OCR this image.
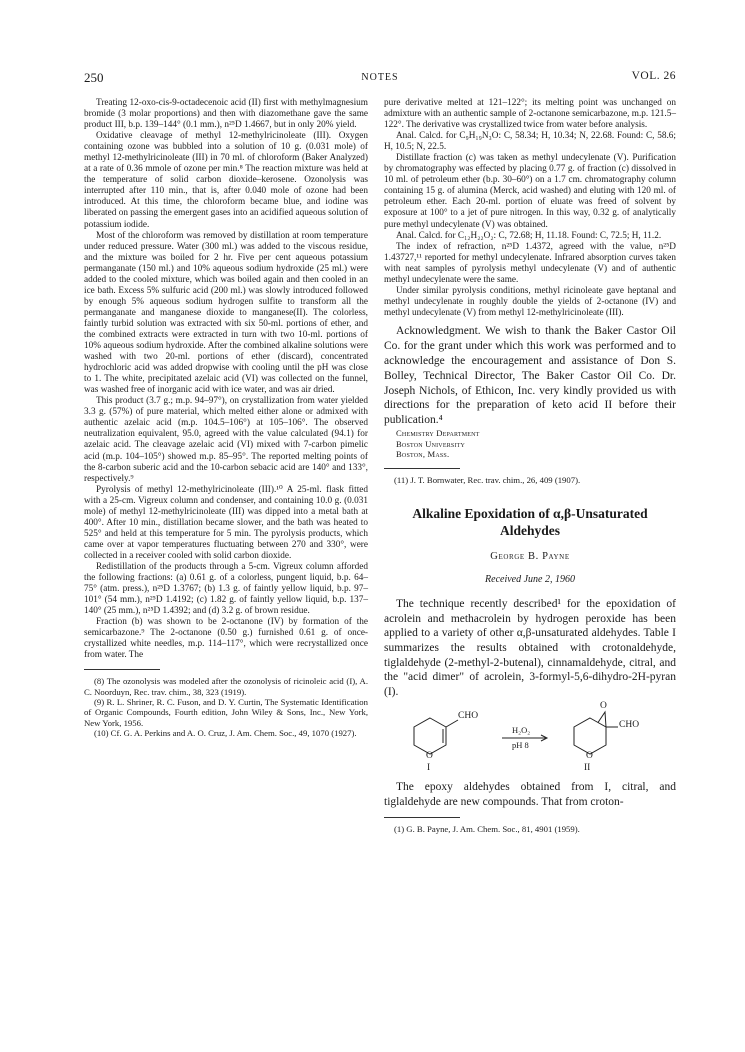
250	NOTES	VOL. 26

Treating 12-oxo-cis-9-octadecenoic acid (II) first with methylmagnesium bromide (3 molar proportions) and then with diazomethane gave the same product III, b.p. 139–144° (0.1 mm.), n²⁵D 1.4667, but in only 20% yield.

Oxidative cleavage of methyl 12-methylricinoleate (III). Oxygen containing ozone was bubbled into a solution of 10 g. (0.031 mole) of methyl 12-methylricinoleate (III) in 70 ml. of chloroform (Baker Analyzed) at a rate of 0.36 mmole of ozone per min.⁸ The reaction mixture was held at the temperature of solid carbon dioxide–kerosene. Ozonolysis was interrupted after 110 min., that is, after 0.040 mole of ozone had been introduced. At this time, the chloroform became blue, and iodine was liberated on passing the emergent gases into an acidified aqueous solution of potassium iodide.

Most of the chloroform was removed by distillation at room temperature under reduced pressure. Water (300 ml.) was added to the viscous residue, and the mixture was boiled for 2 hr. Five per cent aqueous potassium permanganate (150 ml.) and 10% aqueous sodium hydroxide (25 ml.) were added to the cooled mixture, which was boiled again and then cooled in an ice bath. Excess 5% sulfuric acid (200 ml.) was slowly introduced followed by enough 5% aqueous sodium hydrogen sulfite to transform all the permanganate and manganese dioxide to manganese(II). The colorless, faintly turbid solution was extracted with six 50-ml. portions of ether, and the combined extracts were extracted in turn with two 10-ml. portions of 10% aqueous sodium hydroxide. After the combined alkaline solutions were washed with two 20-ml. portions of ether (discard), concentrated hydrochloric acid was added dropwise with cooling until the pH was close to 1. The white, precipitated azelaic acid (VI) was collected on the funnel, was washed free of inorganic acid with ice water, and was air dried.

This product (3.7 g.; m.p. 94–97°), on crystallization from water yielded 3.3 g. (57%) of pure material, which melted either alone or admixed with authentic azelaic acid (m.p. 104.5–106°) at 105–106°. The observed neutralization equivalent, 95.0, agreed with the value calculated (94.1) for azelaic acid. The cleavage azelaic acid (VI) mixed with 7-carbon pimelic acid (m.p. 104–105°) showed m.p. 85–95°. The reported melting points of the 8-carbon suberic acid and the 10-carbon sebacic acid are 140° and 133°, respectively.⁹

Pyrolysis of methyl 12-methylricinoleate (III).¹⁰ A 25-ml. flask fitted with a 25-cm. Vigreux column and condenser, and containing 10.0 g. (0.031 mole) of methyl 12-methylricinoleate (III) was dipped into a metal bath at 400°. After 10 min., distillation became slower, and the bath was heated to 525° and held at this temperature for 5 min. The pyrolysis products, which came over at vapor temperatures fluctuating between 270 and 330°, were collected in a receiver cooled with solid carbon dioxide.

Redistillation of the products through a 5-cm. Vigreux column afforded the following fractions: (a) 0.61 g. of a colorless, pungent liquid, b.p. 64–75° (atm. press.), n²⁵D 1.3767; (b) 1.3 g. of faintly yellow liquid, b.p. 97–101° (54 mm.), n²⁵D 1.4192; (c) 1.82 g. of faintly yellow liquid, b.p. 137–140° (25 mm.), n²⁵D 1.4392; and (d) 3.2 g. of brown residue.

Fraction (b) was shown to be 2-octanone (IV) by formation of the semicarbazone.⁹ The 2-octanone (0.50 g.) furnished 0.61 g. of once-crystallized white needles, m.p. 114–117°, which were recrystallized once from water. The

(8) The ozonolysis was modeled after the ozonolysis of ricinoleic acid (I), A. C. Noorduyn, Rec. trav. chim., 38, 323 (1919).

(9) R. L. Shriner, R. C. Fuson, and D. Y. Curtin, The Systematic Identification of Organic Compounds, Fourth edition, John Wiley & Sons, Inc., New York, New York, 1956.

(10) Cf. G. A. Perkins and A. O. Cruz, J. Am. Chem. Soc., 49, 1070 (1927).

pure derivative melted at 121–122°; its melting point was unchanged on admixture with an authentic sample of 2-octanone semicarbazone, m.p. 121.5–122°. The derivative was crystallized twice from water before analysis.

Anal. Calcd. for C₉H₁₉N₃O: C, 58.34; H, 10.34; N, 22.68. Found: C, 58.6; H, 10.5; N, 22.5.

Distillate fraction (c) was taken as methyl undecylenate (V). Purification by chromatography was effected by placing 0.77 g. of fraction (c) dissolved in 10 ml. of petroleum ether (b.p. 30–60°) on a 1.7 cm. chromatography column containing 15 g. of alumina (Merck, acid washed) and eluting with 120 ml. of petroleum ether. Each 20-ml. portion of eluate was freed of solvent by exposure at 100° to a jet of pure nitrogen. In this way, 0.32 g. of analytically pure methyl undecylenate (V) was obtained.

Anal. Calcd. for C₁₂H₂₂O₂: C, 72.68; H, 11.18. Found: C, 72.5; H, 11.2.

The index of refraction, n²⁵D 1.4372, agreed with the value, n²⁵D 1.43727,¹¹ reported for methyl undecylenate. Infrared absorption curves taken with neat samples of pyrolysis methyl undecylenate (V) and of authentic methyl undecylenate were the same.

Under similar pyrolysis conditions, methyl ricinoleate gave heptanal and methyl undecylenate in roughly double the yields of 2-octanone (IV) and methyl undecylenate (V) from methyl 12-methylricinoleate (III).

Acknowledgment. We wish to thank the Baker Castor Oil Co. for the grant under which this work was performed and to acknowledge the encouragement and assistance of Don S. Bolley, Technical Director, The Baker Castor Oil Co. Dr. Joseph Nichols, of Ethicon, Inc. very kindly provided us with directions for the preparation of keto acid II before their publication.⁴

Chemistry Department
Boston University
Boston, Mass.

(11) J. T. Bornwater, Rec. trav. chim., 26, 409 (1907).

Alkaline Epoxidation of α,β-Unsaturated Aldehydes
George B. Payne
Received June 2, 1960

The technique recently described¹ for the epoxidation of acrolein and methacrolein by hydrogen peroxide has been applied to a variety of other α,β-unsaturated aldehydes. Table I summarizes the results obtained with crotonaldehyde, tiglaldehyde (2-methyl-2-butenal), cinnamaldehyde, citral, and the "acid dimer" of acrolein, 3-formyl-5,6-dihydro-2H-pyran (I).

CHO
O
I
H₂O₂
pH 8
O
CHO
O
II

The epoxy aldehydes obtained from I, citral, and tiglaldehyde are new compounds. That from croton-

(1) G. B. Payne, J. Am. Chem. Soc., 81, 4901 (1959).
